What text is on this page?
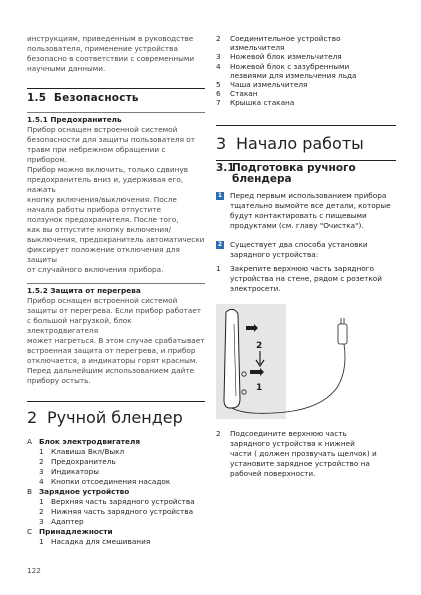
инструкциям, приведенным в руководстве

пользователя, применение устройства

безопасно в соответствии с современными

научными данными.

1.5 Безопасность
1.5.1 Предохранитель

Прибор оснащен встроенной системой

безопасности для защиты пользователя от

травм при небрежном обращении с прибором.

Прибор можно включить, только сдвинув

предохранитель вниз и, удерживая его, нажать

кнопку включения/выключения. После

начала работы прибора отпустите

ползунок предохранителя. После того,

как вы отпустите кнопку включения/

выключения, предохранитель автоматически

фиксирует положение отключения для защиты

от случайного включения прибора.

1.5.2 Защита от перегрева

Прибор оснащен встроенной системой

защиты от перегрева. Если прибор работает

с большой нагрузкой, блок электродвигателя

может нагреться. В этом случае срабатывает

встроенная защита от перегрева, и прибор

отключается, а индикаторы горят красным.

Перед дальнейшим использованием дайте

прибору остыть.

2 Ручной блендер
A Блок электродвигателя
1	Клавиша Вкл/Выкл
2	Предохранитель
3	Индикаторы
4	Кнопки отсоединения насадок
B Зарядное устройство
1	Верхняя часть зарядного устройства
2	Нижняя часть зарядного устройства
3	Адаптер
C Принадлежности
1	Насадка для смешивания
2	Соединительное устройство
измельчителя
3	Ножевой блок измельчителя
4	Ножевой блок с зазубренными
лезвиями для измельчения льда
5	Чаша измельчителя
6	Стакан
7	Крышка стакана
3 Начало работы
3.1
Подготовка ручного
блендера
1 Перед первым использованием прибора
тщательно вымойте все детали, которые
будут контактировать с пищевыми
продуктами (см. главу "Очистка").
2 Существует два способа установки
зарядного устройства:
1	Закрепите верхнюю часть зарядного
устройства на стене, рядом с розеткой
электросети.
2
1
2	Подсоедините верхнюю часть
зарядного устройства к нижней
части ( должен прозвучать щелчок) и
установите зарядное устройство на
рабочей поверхности.
122
